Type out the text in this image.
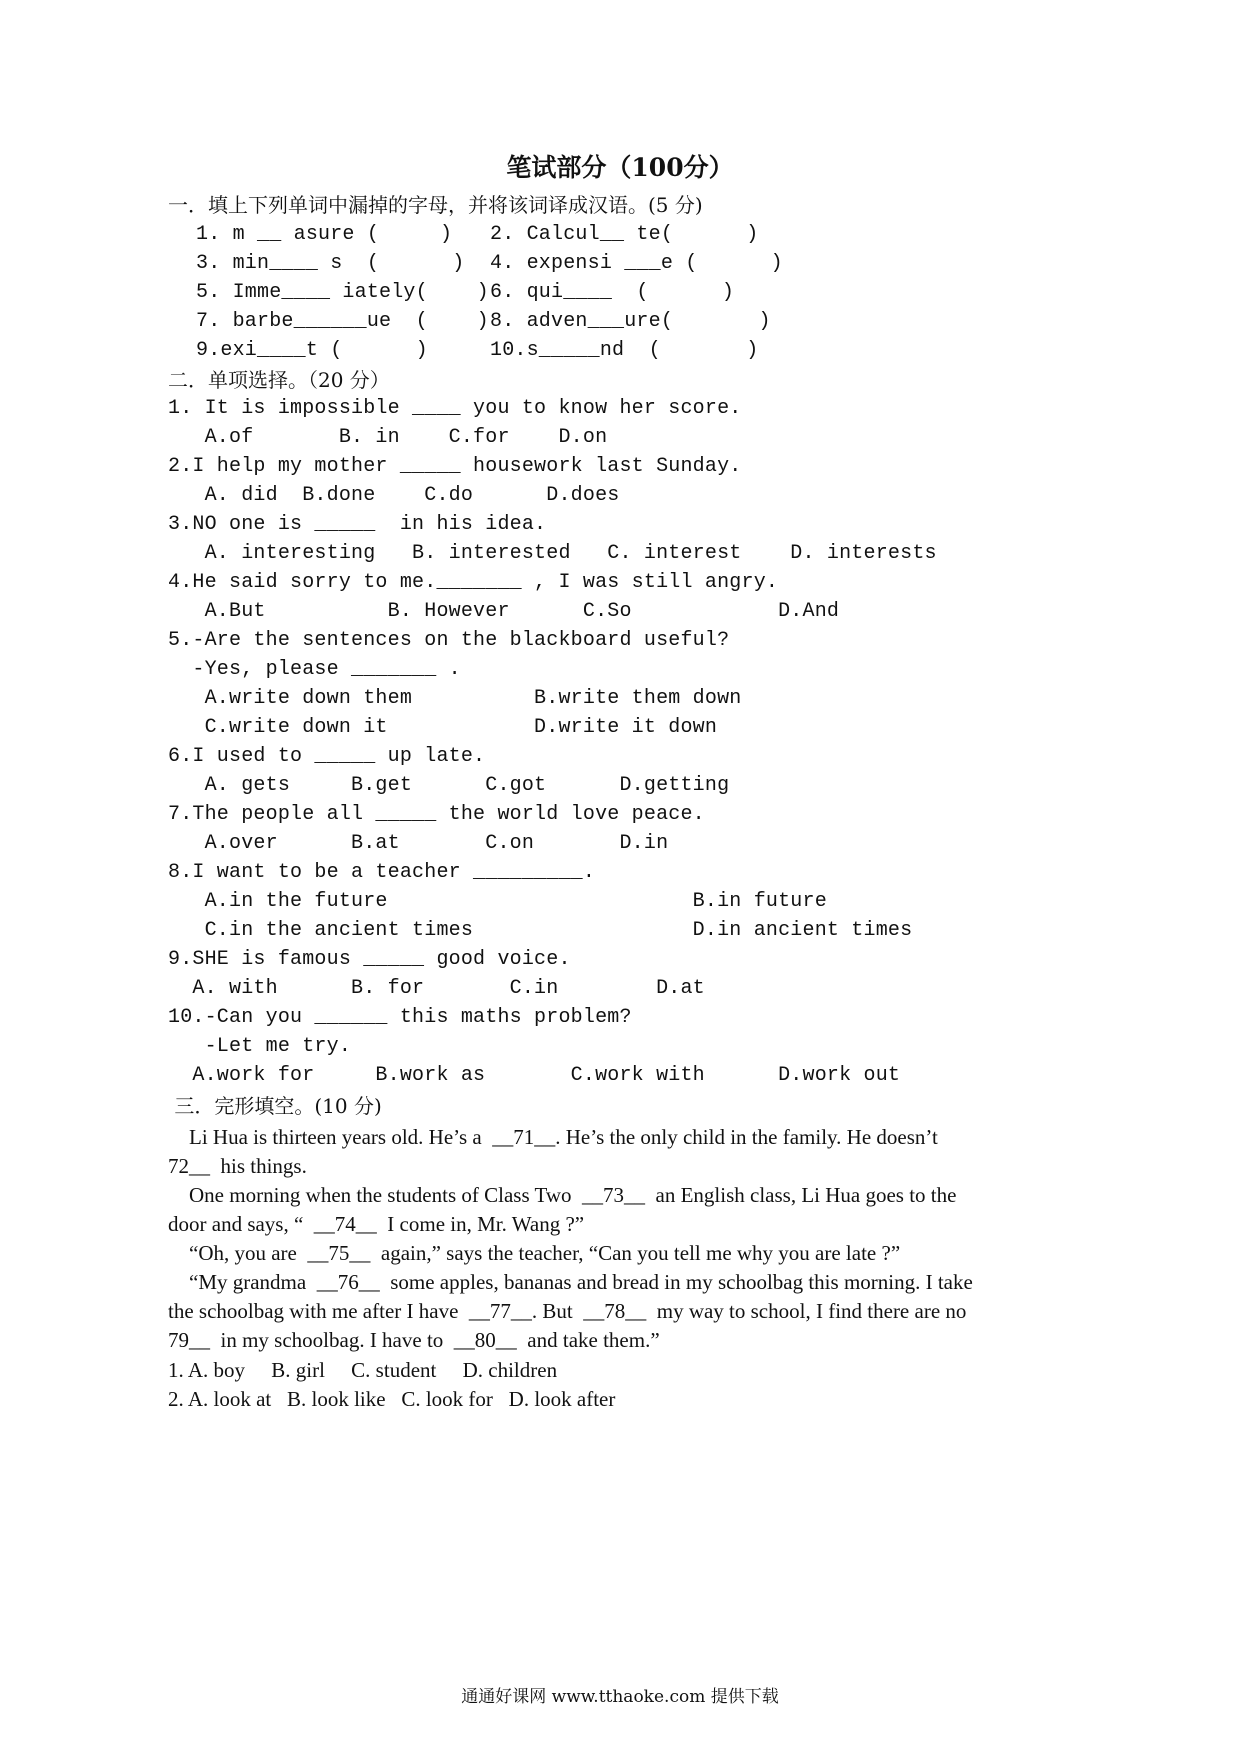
笔试部分（100分）
一．填上下列单词中漏掉的字母，并将该词译成汉语。(5 分)
1. m __ asure (     ) 2. Calcul__ te(      )
3. min____ s  (      ) 4. expensi ___e (      )
5. Imme____ iately(    ) 6. qui____  (      )
7. barbe______ue  (    ) 8. adven___ure(       )
9.exi____t (      )	10.s_____nd  (       )
二．单项选择。（20 分）
1. It is impossible ____ you to know her score.
A.of       B. in    C.for    D.on
2.I help my mother _____ housework last Sunday.
A. did  B.done    C.do      D.does
3.NO one is _____  in his idea.
A. interesting   B. interested   C. interest    D. interests
4.He said sorry to me._______ , I was still angry.
A.But          B. However      C.So            D.And
5.-Are the sentences on the blackboard useful?
-Yes, please _______ .
A.write down them          B.write them down
C.write down it            D.write it down
6.I used to _____ up late.
A. gets     B.get      C.got      D.getting
7.The people all _____ the world love peace.
A.over      B.at       C.on       D.in
8.I want to be a teacher _________.
A.in the future                         B.in future
C.in the ancient times                  D.in ancient times
9.SHE is famous _____ good voice.
A. with      B. for       C.in        D.at
10.-Can you ______ this maths problem?
-Let me try.
A.work for     B.work as       C.work with      D.work out
三．完形填空。(10 分)
Li Hua is thirteen years old. He’s a  __71__. He’s the only child in the family. He doesn’t
72__  his things.
One morning when the students of Class Two  __73__  an English class, Li Hua goes to the
door and says, “  __74__  I come in, Mr. Wang ?”
“Oh, you are  __75__  again,” says the teacher, “Can you tell me why you are late ?”
“My grandma  __76__  some apples, bananas and bread in my schoolbag this morning. I take
the schoolbag with me after I have  __77__. But  __78__  my way to school, I find there are no
79__  in my schoolbag. I have to  __80__  and take them.”
1. A. boy     B. girl     C. student     D. children
2. A. look at   B. look like   C. look for   D. look after
通通好课网 www.tthaoke.com 提供下载
